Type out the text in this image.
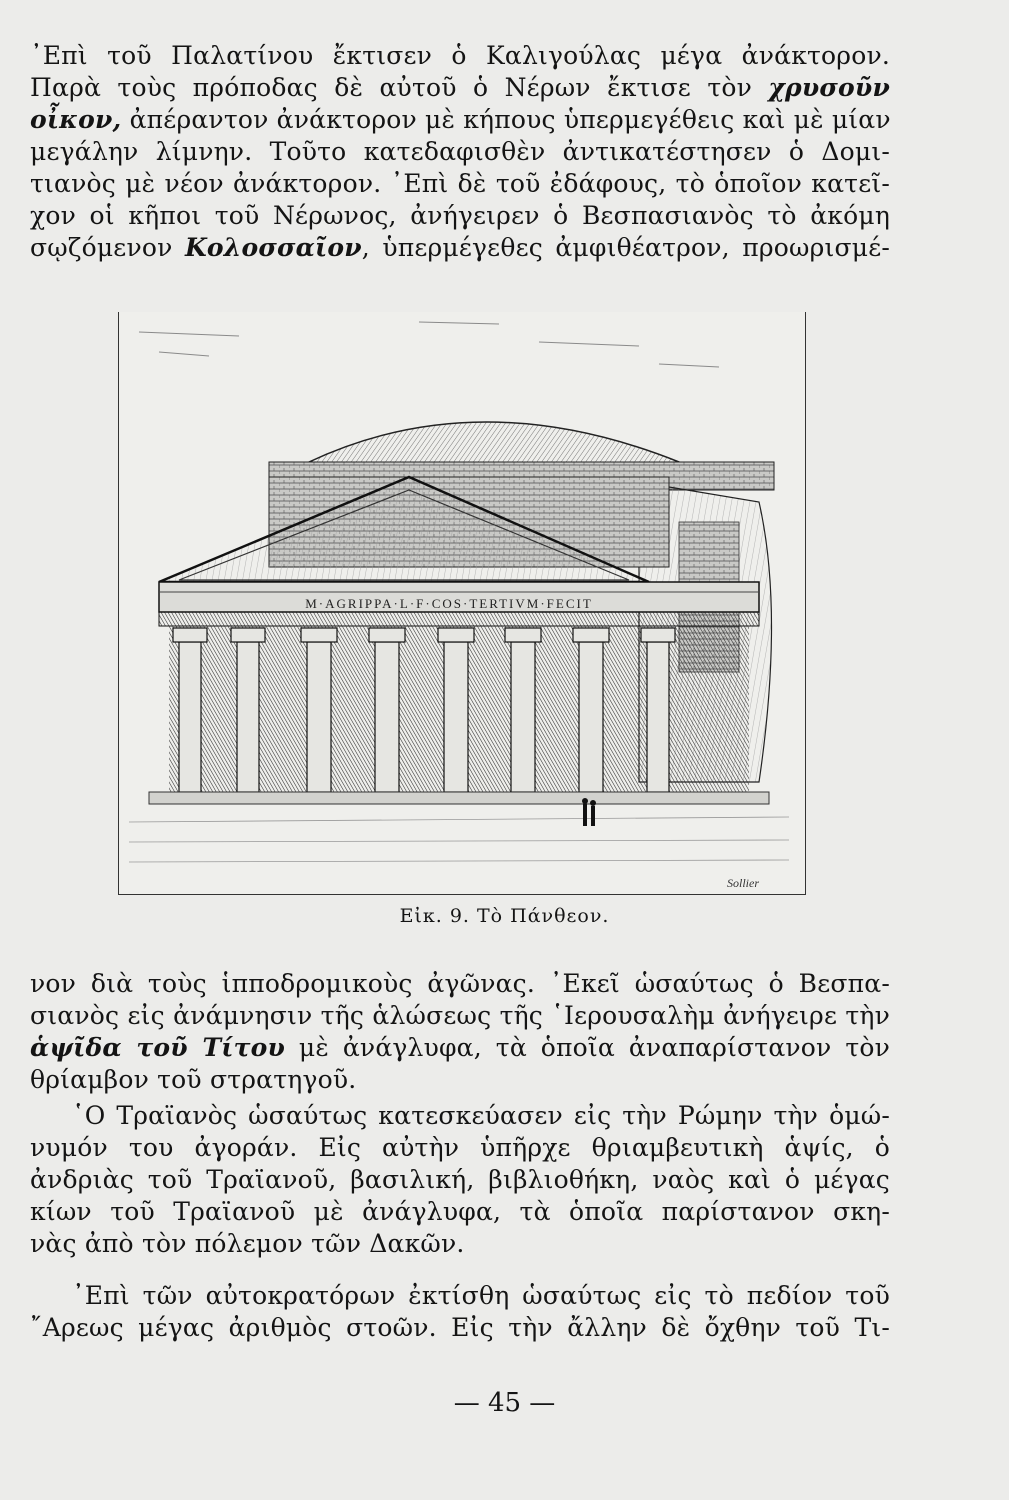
᾿Επὶ τοῦ Παλατίνου ἔκτισεν ὁ Καλιγούλας μέγα ἀνάκτορον.
Παρὰ τοὺς πρόποδας δὲ αὐτοῦ ὁ Νέρων ἔκτισε τὸν χρυσοῦν
οἶκον, ἀπέραντον ἀνάκτορον μὲ κήπους ὑπερμεγέθεις καὶ μὲ μίαν
μεγάλην λίμνην. Τοῦτο κατεδαφισθὲν ἀντικατέστησεν ὁ Δομι-
τιανὸς μὲ νέον ἀνάκτορον. ᾿Επὶ δὲ τοῦ ἐδάφους, τὸ ὁποῖον κατεῖ-
χον οἱ κῆποι τοῦ Νέρωνος, ἀνήγειρεν ὁ Βεσπασιανὸς τὸ ἀκόμη
σῳζόμενον Κολοσσαῖον, ὑπερμέγεθες ἀμφιθέατρον, προωρισμέ-
M·AGRIPPA·L·F·COS·TERTIVM·FECIT
Sollier
Εἰκ. 9. Τὸ Πάνθεον.
νον διὰ τοὺς ἱπποδρομικοὺς ἀγῶνας. ᾿Εκεῖ ὡσαύτως ὁ Βεσπα-
σιανὸς εἰς ἀνάμνησιν τῆς ἁλώσεως τῆς ῾Ιερουσαλὴμ ἀνήγειρε τὴν
ἁψῖδα τοῦ Τίτου μὲ ἀνάγλυφα, τὰ ὁποῖα ἀναπαρίστανον τὸν
θρίαμβον τοῦ στρατηγοῦ.
῾Ο Τραϊανὸς ὡσαύτως κατεσκεύασεν εἰς τὴν Ρώμην τὴν ὁμώ-
νυμόν του ἀγοράν. Εἰς αὐτὴν ὑπῆρχε θριαμβευτικὴ ἁψίς, ὁ
ἀνδριὰς τοῦ Τραϊανοῦ, βασιλική, βιβλιοθήκη, ναὸς καὶ ὁ μέγας
κίων τοῦ Τραϊανοῦ μὲ ἀνάγλυφα, τὰ ὁποῖα παρίστανον σκη-
νὰς ἀπὸ τὸν πόλεμον τῶν Δακῶν.
᾿Επὶ τῶν αὐτοκρατόρων ἐκτίσθη ὡσαύτως εἰς τὸ πεδίον τοῦ
῎Αρεως μέγας ἀριθμὸς στοῶν. Εἰς τὴν ἄλλην δὲ ὄχθην τοῦ Τι-
— 45 —
